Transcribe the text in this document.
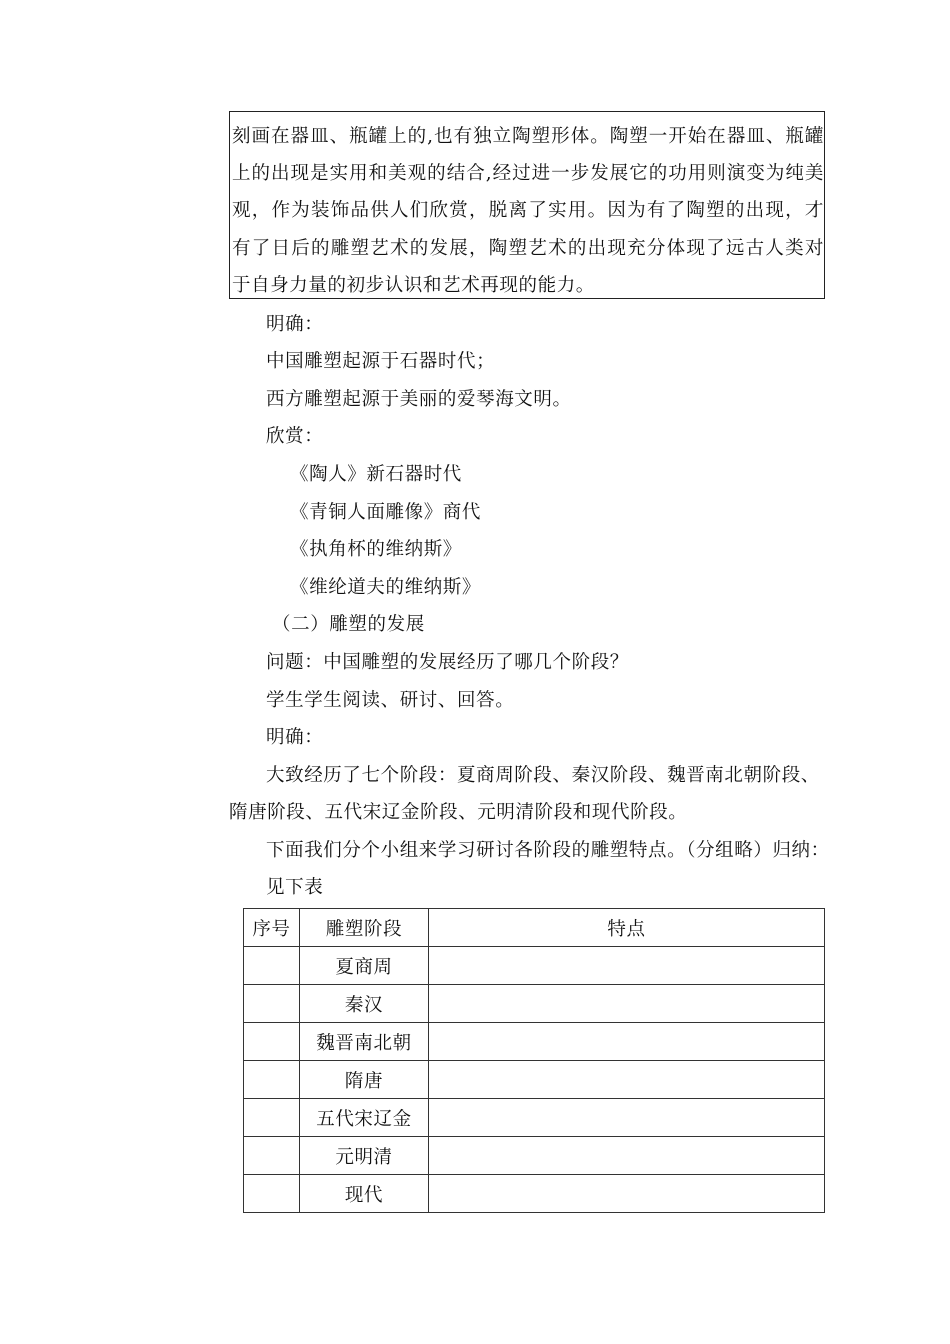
刻画在器皿、瓶罐上的,也有独立陶塑形体。陶塑一开始在器皿、瓶罐上的出现是实用和美观的结合,经过进一步发展它的功用则演变为纯美观，作为装饰品供人们欣赏，脱离了实用。因为有了陶塑的出现，才有了日后的雕塑艺术的发展，陶塑艺术的出现充分体现了远古人类对于自身力量的初步认识和艺术再现的能力。
明确：
中国雕塑起源于石器时代；
西方雕塑起源于美丽的爱琴海文明。
欣赏：
《陶人》新石器时代
《青铜人面雕像》商代
《执角杯的维纳斯》
《维纶道夫的维纳斯》
（二）雕塑的发展
问题：中国雕塑的发展经历了哪几个阶段？
学生学生阅读、研讨、回答。
明确：
大致经历了七个阶段：夏商周阶段、秦汉阶段、魏晋南北朝阶段、
隋唐阶段、五代宋辽金阶段、元明清阶段和现代阶段。
下面我们分个小组来学习研讨各阶段的雕塑特点。（分组略）归纳：
见下表
序号	雕塑阶段	特点
	夏商周	
	秦汉	
	魏晋南北朝	
	隋唐	
	五代宋辽金	
	元明清	
	现代	
